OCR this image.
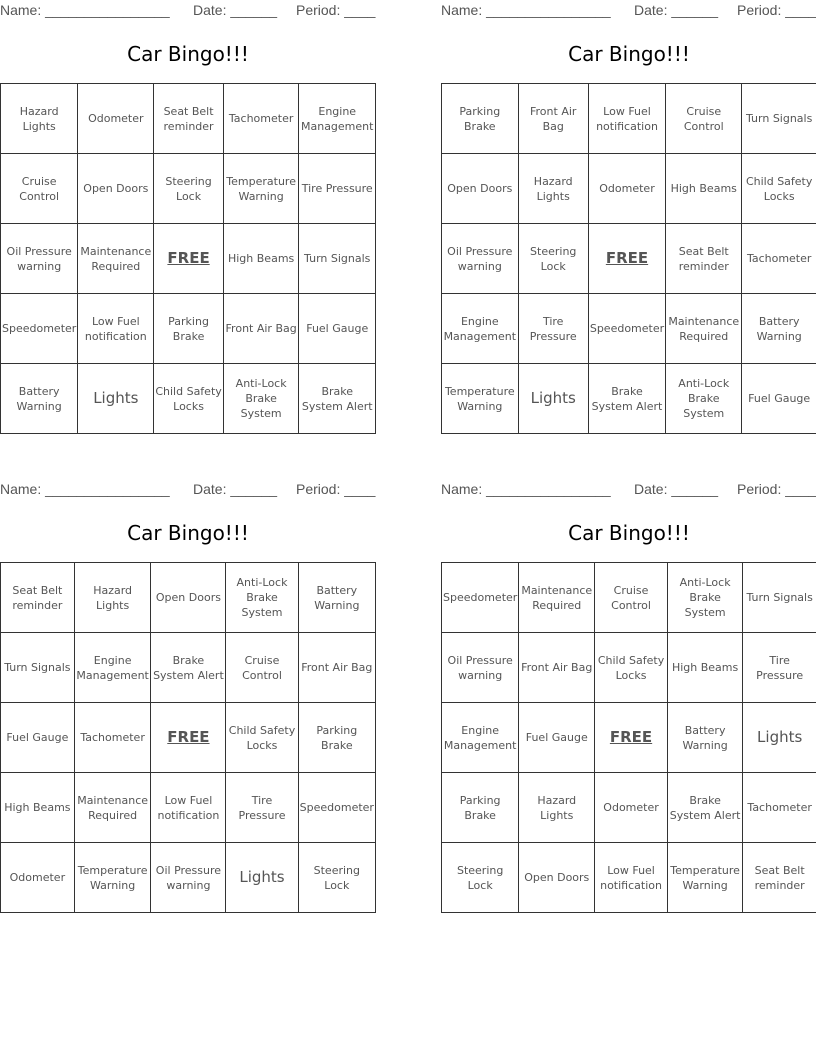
Name: ________________ Date: ______ Period: ____
Car Bingo!!!
Hazard Lights	Odometer	Seat Belt reminder	Tachometer	Engine Management
Cruise Control	Open Doors	Steering Lock	Temperature Warning	Tire Pressure
Oil Pressure warning	Maintenance Required	FREE	High Beams	Turn Signals
Speedometer	Low Fuel notification	Parking Brake	Front Air Bag	Fuel Gauge
Battery Warning	Lights	Child Safety Locks	Anti-Lock Brake System	Brake System Alert
Name: ________________ Date: ______ Period: ____
Car Bingo!!!
Parking Brake	Front Air Bag	Low Fuel notification	Cruise Control	Turn Signals
Open Doors	Hazard Lights	Odometer	High Beams	Child Safety Locks
Oil Pressure warning	Steering Lock	FREE	Seat Belt reminder	Tachometer
Engine Management	Tire Pressure	Speedometer	Maintenance Required	Battery Warning
Temperature Warning	Lights	Brake System Alert	Anti-Lock Brake System	Fuel Gauge
Name: ________________ Date: ______ Period: ____
Car Bingo!!!
Seat Belt reminder	Hazard Lights	Open Doors	Anti-Lock Brake System	Battery Warning
Turn Signals	Engine Management	Brake System Alert	Cruise Control	Front Air Bag
Fuel Gauge	Tachometer	FREE	Child Safety Locks	Parking Brake
High Beams	Maintenance Required	Low Fuel notification	Tire Pressure	Speedometer
Odometer	Temperature Warning	Oil Pressure warning	Lights	Steering Lock
Name: ________________ Date: ______ Period: ____
Car Bingo!!!
Speedometer	Maintenance Required	Cruise Control	Anti-Lock Brake System	Turn Signals
Oil Pressure warning	Front Air Bag	Child Safety Locks	High Beams	Tire Pressure
Engine Management	Fuel Gauge	FREE	Battery Warning	Lights
Parking Brake	Hazard Lights	Odometer	Brake System Alert	Tachometer
Steering Lock	Open Doors	Low Fuel notification	Temperature Warning	Seat Belt reminder
